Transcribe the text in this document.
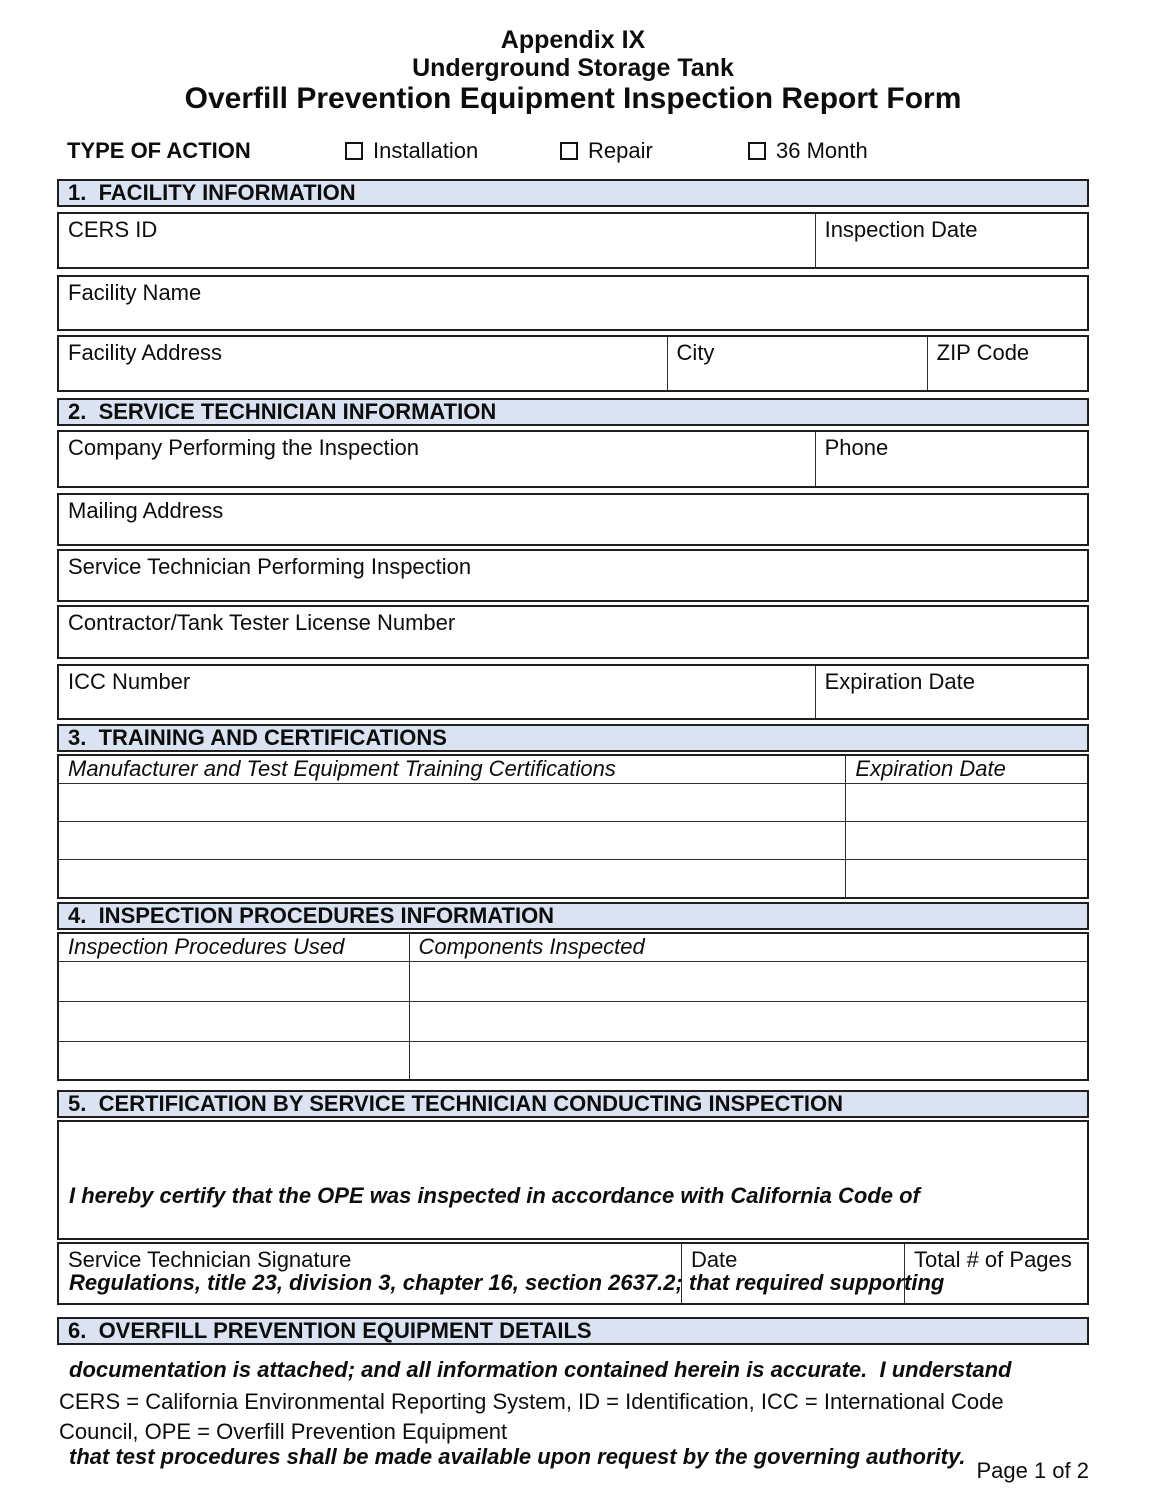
Appendix IX
Underground Storage Tank
Overfill Prevention Equipment Inspection Report Form
TYPE OF ACTION	Installation	Repair	36 Month
1.  FACILITY INFORMATION
CERS ID	Inspection Date
Facility Name
Facility Address	City	ZIP Code
2.  SERVICE TECHNICIAN INFORMATION
Company Performing the Inspection	Phone
Mailing Address
Service Technician Performing Inspection
Contractor/Tank Tester License Number
ICC Number	Expiration Date
3.  TRAINING AND CERTIFICATIONS
Manufacturer and Test Equipment Training Certifications	Expiration Date
4.  INSPECTION PROCEDURES INFORMATION
Inspection Procedures Used	Components Inspected
5.  CERTIFICATION BY SERVICE TECHNICIAN CONDUCTING INSPECTION

I hereby certify that the OPE was inspected in accordance with California Code of

Regulations, title 23, division 3, chapter 16, section 2637.2; that required supporting

documentation is attached; and all information contained herein is accurate.  I understand

that test procedures shall be made available upon request by the governing authority.

Service Technician Signature	Date	Total # of Pages
6.  OVERFILL PREVENTION EQUIPMENT DETAILS
CERS = California Environmental Reporting System, ID = Identification, ICC = International Code
Council, OPE = Overfill Prevention Equipment
Page 1 of 2
